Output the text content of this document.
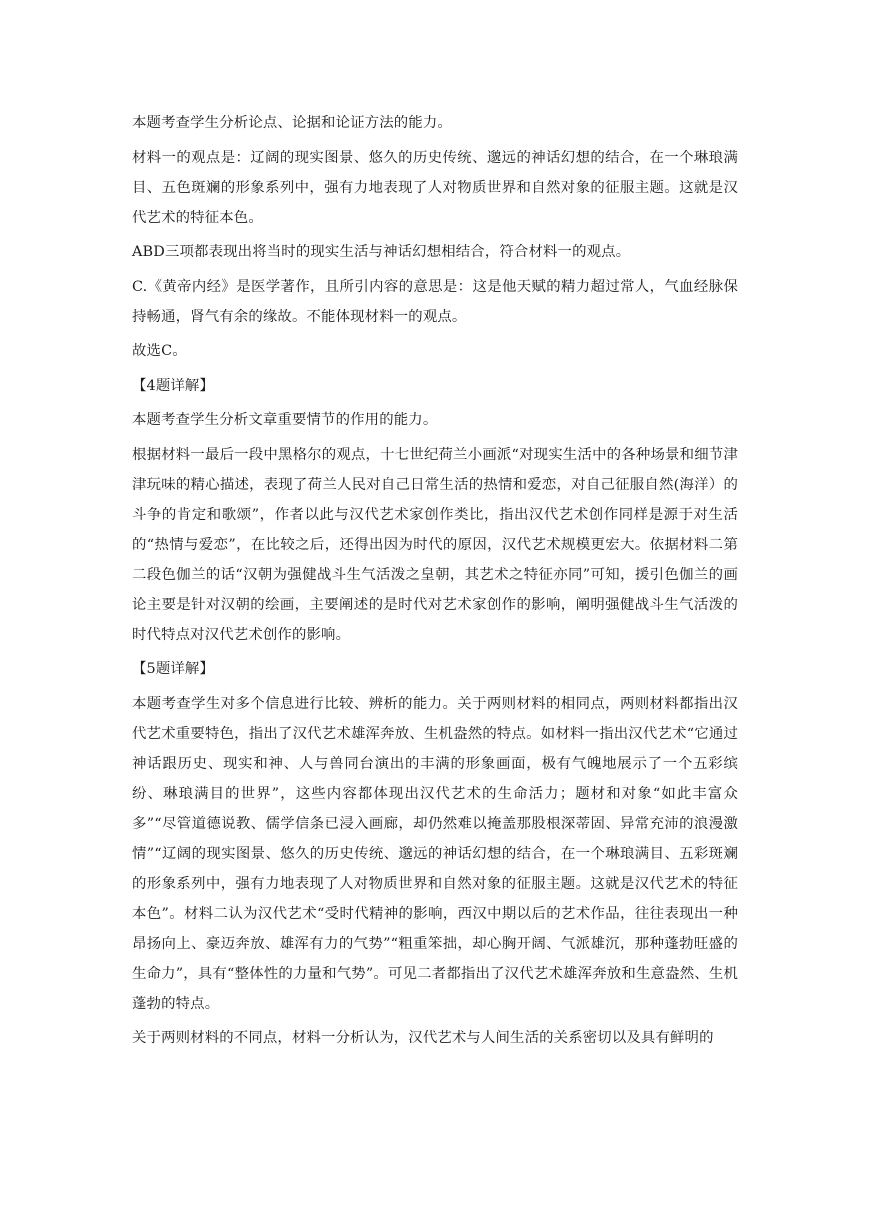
本题考查学生分析论点、论据和论证方法的能力。

材料一的观点是：辽阔的现实图景、悠久的历史传统、邈远的神话幻想的结合，在一个琳琅满目、五色斑斓的形象系列中，强有力地表现了人对物质世界和自然对象的征服主题。这就是汉代艺术的特征本色。

ABD三项都表现出将当时的现实生活与神话幻想相结合，符合材料一的观点。

C.《黄帝内经》是医学著作，且所引内容的意思是：这是他天赋的精力超过常人，气血经脉保持畅通，肾气有余的缘故。不能体现材料一的观点。

故选C。

【4题详解】

本题考查学生分析文章重要情节的作用的能力。

根据材料一最后一段中黑格尔的观点，十七世纪荷兰小画派“对现实生活中的各种场景和细节津津玩味的精心描述，表现了荷兰人民对自己日常生活的热情和爱恋，对自己征服自然(海洋）的斗争的肯定和歌颂”，作者以此与汉代艺术家创作类比，指出汉代艺术创作同样是源于对生活的“热情与爱恋”，在比较之后，还得出因为时代的原因，汉代艺术规模更宏大。依据材料二第二段色伽兰的话“汉朝为强健战斗生气活泼之皇朝，其艺术之特征亦同”可知，援引色伽兰的画论主要是针对汉朝的绘画，主要阐述的是时代对艺术家创作的影响，阐明强健战斗生气活泼的时代特点对汉代艺术创作的影响。

【5题详解】

本题考查学生对多个信息进行比较、辨析的能力。关于两则材料的相同点，两则材料都指出汉代艺术重要特色，指出了汉代艺术雄浑奔放、生机盎然的特点。如材料一指出汉代艺术“它通过神话跟历史、现实和神、人与兽同台演出的丰满的形象画面，极有气魄地展示了一个五彩缤纷、琳琅满目的世界”，这些内容都体现出汉代艺术的生命活力；题材和对象“如此丰富众多”“尽管道德说教、儒学信条已浸入画廊，却仍然难以掩盖那股根深蒂固、异常充沛的浪漫激情”“辽阔的现实图景、悠久的历史传统、邈远的神话幻想的结合，在一个琳琅满目、五彩斑斓的形象系列中，强有力地表现了人对物质世界和自然对象的征服主题。这就是汉代艺术的特征本色”。材料二认为汉代艺术“受时代精神的影响，西汉中期以后的艺术作品，往往表现出一种昂扬向上、豪迈奔放、雄浑有力的气势”“粗重笨拙，却心胸开阔、气派雄沉，那种蓬勃旺盛的生命力”，具有“整体性的力量和气势”。可见二者都指出了汉代艺术雄浑奔放和生意盎然、生机蓬勃的特点。

关于两则材料的不同点，材料一分析认为，汉代艺术与人间生活的关系密切以及具有鲜明的
